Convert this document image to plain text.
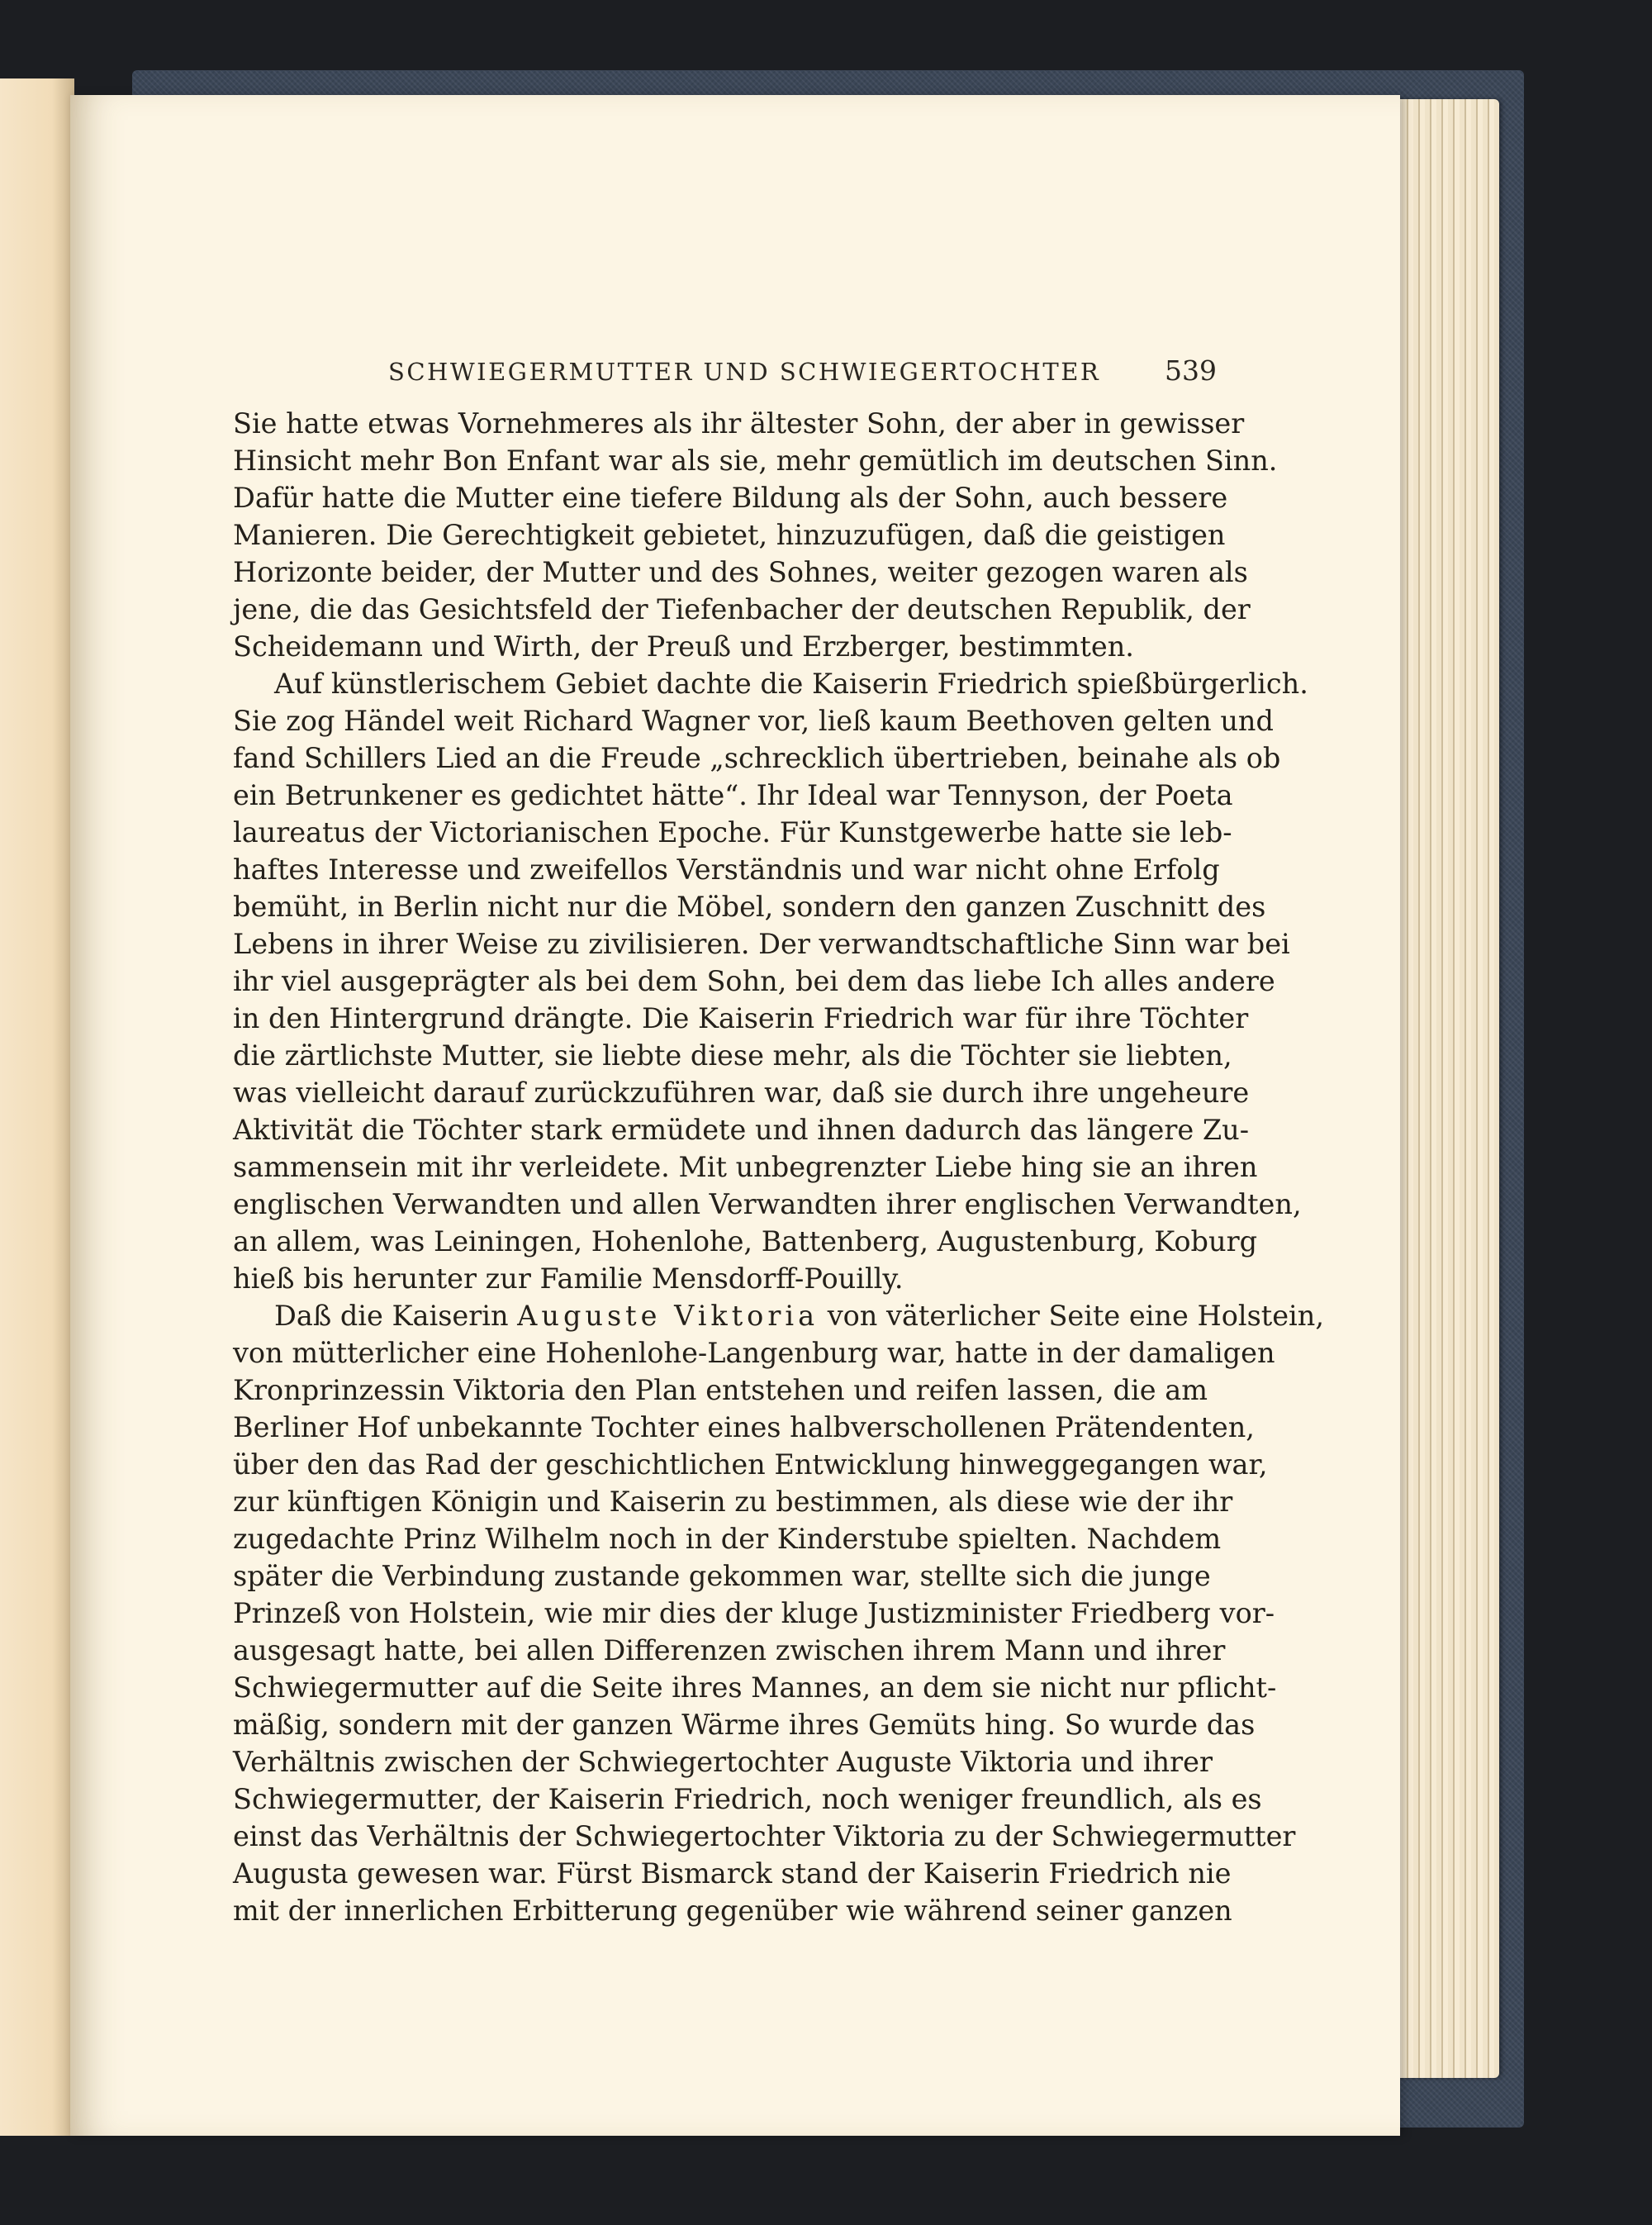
SCHWIEGERMUTTER UND SCHWIEGERTOCHTER	539
Sie hatte etwas Vornehmeres als ihr ältester Sohn, der aber in gewisser
Hinsicht mehr Bon Enfant war als sie, mehr gemütlich im deutschen Sinn.
Dafür hatte die Mutter eine tiefere Bildung als der Sohn, auch bessere
Manieren. Die Gerechtigkeit gebietet, hinzuzufügen, daß die geistigen
Horizonte beider, der Mutter und des Sohnes, weiter gezogen waren als
jene, die das Gesichtsfeld der Tiefenbacher der deutschen Republik, der
Scheidemann und Wirth, der Preuß und Erzberger, bestimmten.
Auf künstlerischem Gebiet dachte die Kaiserin Friedrich spießbürgerlich.
Sie zog Händel weit Richard Wagner vor, ließ kaum Beethoven gelten und
fand Schillers Lied an die Freude „schrecklich übertrieben, beinahe als ob
ein Betrunkener es gedichtet hätte“. Ihr Ideal war Tennyson, der Poeta
laureatus der Victorianischen Epoche. Für Kunstgewerbe hatte sie leb-
haftes Interesse und zweifellos Verständnis und war nicht ohne Erfolg
bemüht, in Berlin nicht nur die Möbel, sondern den ganzen Zuschnitt des
Lebens in ihrer Weise zu zivilisieren. Der verwandtschaftliche Sinn war bei
ihr viel ausgeprägter als bei dem Sohn, bei dem das liebe Ich alles andere
in den Hintergrund drängte. Die Kaiserin Friedrich war für ihre Töchter
die zärtlichste Mutter, sie liebte diese mehr, als die Töchter sie liebten,
was vielleicht darauf zurückzuführen war, daß sie durch ihre ungeheure
Aktivität die Töchter stark ermüdete und ihnen dadurch das längere Zu-
sammensein mit ihr verleidete. Mit unbegrenzter Liebe hing sie an ihren
englischen Verwandten und allen Verwandten ihrer englischen Verwandten,
an allem, was Leiningen, Hohenlohe, Battenberg, Augustenburg, Koburg
hieß bis herunter zur Familie Mensdorff-Pouilly.
Daß die Kaiserin Auguste Viktoria von väterlicher Seite eine Holstein,
von mütterlicher eine Hohenlohe-Langenburg war, hatte in der damaligen
Kronprinzessin Viktoria den Plan entstehen und reifen lassen, die am
Berliner Hof unbekannte Tochter eines halbverschollenen Prätendenten,
über den das Rad der geschichtlichen Entwicklung hinweggegangen war,
zur künftigen Königin und Kaiserin zu bestimmen, als diese wie der ihr
zugedachte Prinz Wilhelm noch in der Kinderstube spielten. Nachdem
später die Verbindung zustande gekommen war, stellte sich die junge
Prinzeß von Holstein, wie mir dies der kluge Justizminister Friedberg vor-
ausgesagt hatte, bei allen Differenzen zwischen ihrem Mann und ihrer
Schwiegermutter auf die Seite ihres Mannes, an dem sie nicht nur pflicht-
mäßig, sondern mit der ganzen Wärme ihres Gemüts hing. So wurde das
Verhältnis zwischen der Schwiegertochter Auguste Viktoria und ihrer
Schwiegermutter, der Kaiserin Friedrich, noch weniger freundlich, als es
einst das Verhältnis der Schwiegertochter Viktoria zu der Schwiegermutter
Augusta gewesen war. Fürst Bismarck stand der Kaiserin Friedrich nie
mit der innerlichen Erbitterung gegenüber wie während seiner ganzen
